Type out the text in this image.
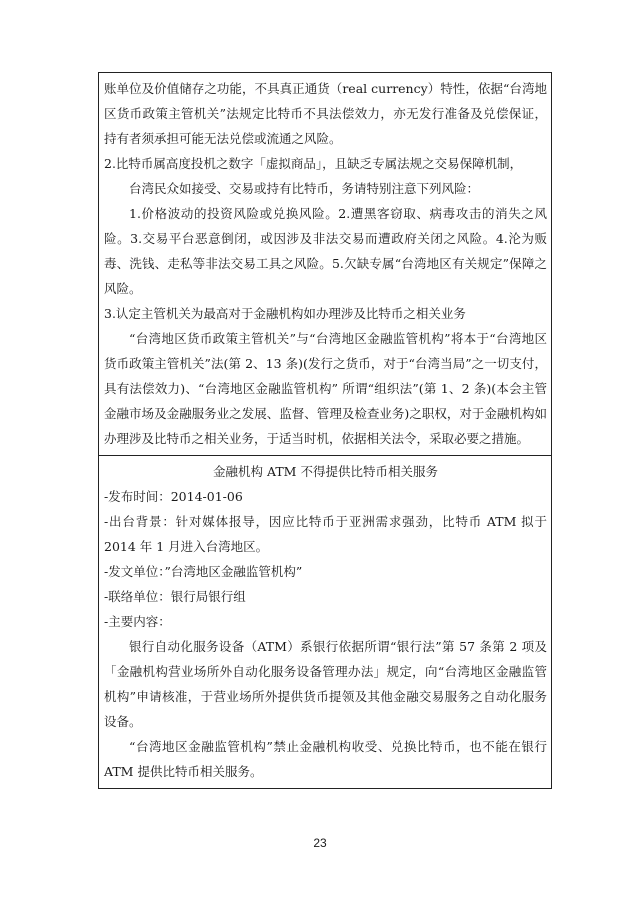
账单位及价值储存之功能，不具真正通货（real currency）特性，依据“台湾地区货币政策主管机关”法规定比特币不具法偿效力，亦无发行准备及兑偿保证，持有者须承担可能无法兑偿或流通之风险。

2.比特币属高度投机之数字「虚拟商品」，且缺乏专属法规之交易保障机制，

台湾民众如接受、交易或持有比特币，务请特别注意下列风险：

1.价格波动的投资风险或兑换风险。2.遭黑客窃取、病毒攻击的消失之风险。3.交易平台恶意倒闭，或因涉及非法交易而遭政府关闭之风险。4.沦为贩毒、洗钱、走私等非法交易工具之风险。5.欠缺专属“台湾地区有关规定”保障之风险。

3.认定主管机关为最高对于金融机构如办理涉及比特币之相关业务

“台湾地区货币政策主管机关”与“台湾地区金融监管机构”将本于“台湾地区货币政策主管机关”法(第 2、13 条)(发行之货币，对于“台湾当局”之一切支付，具有法偿效力)、“台湾地区金融监管机构” 所谓“组织法”(第 1、2 条)(本会主管金融市场及金融服务业之发展、监督、管理及检查业务)之职权，对于金融机构如办理涉及比特币之相关业务，于适当时机，依据相关法令，采取必要之措施。

金融机构 ATM 不得提供比特币相关服务

-发布时间：2014-01-06

-出台背景：针对媒体报导，因应比特币于亚洲需求强劲，比特币 ATM 拟于 2014 年 1 月进入台湾地区。

-发文单位：”台湾地区金融监管机构”

-联络单位：银行局银行组

-主要内容：

银行自动化服务设备（ATM）系银行依据所谓“银行法”第 57 条第 2 项及「金融机构营业场所外自动化服务设备管理办法」规定，向“台湾地区金融监管机构”申请核准，于营业场所外提供货币提领及其他金融交易服务之自动化服务设备。

“台湾地区金融监管机构”禁止金融机构收受、兑换比特币，也不能在银行 ATM 提供比特币相关服务。

23
